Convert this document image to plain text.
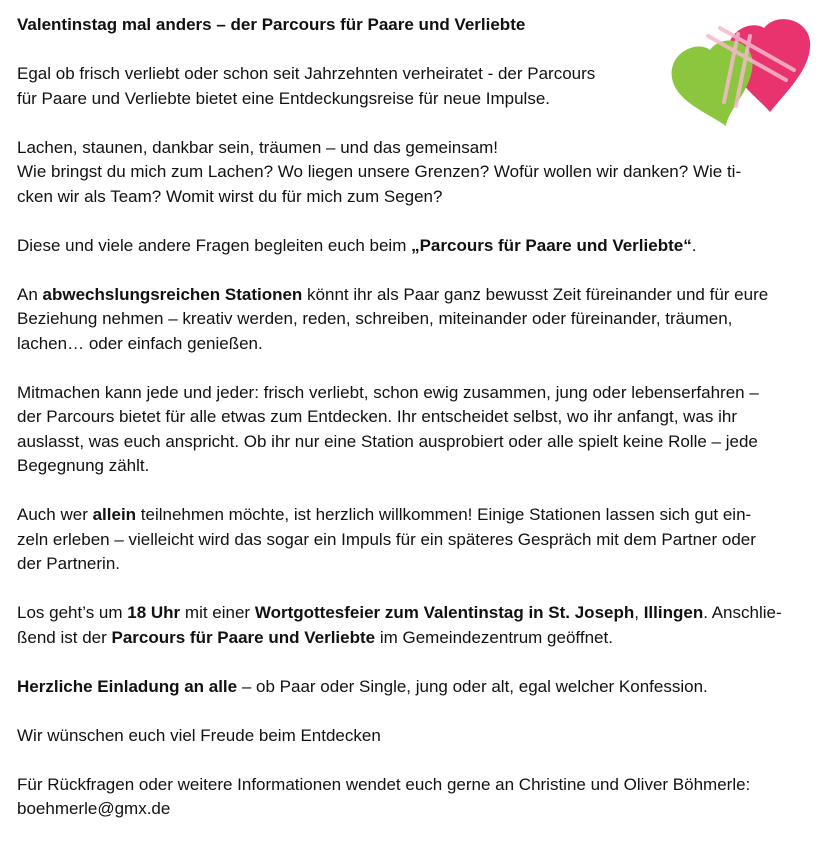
Valentinstag mal anders – der Parcours für Paare und Verliebte
Egal ob frisch verliebt oder schon seit Jahrzehnten verheiratet - der Parcours
für Paare und Verliebte bietet eine Entdeckungsreise für neue Impulse.
Lachen, staunen, dankbar sein, träumen – und das gemeinsam!
Wie bringst du mich zum Lachen? Wo liegen unsere Grenzen? Wofür wollen wir danken? Wie ti-
cken wir als Team? Womit wirst du für mich zum Segen?
Diese und viele andere Fragen begleiten euch beim „Parcours für Paare und Verliebte“.
An abwechslungsreichen Stationen könnt ihr als Paar ganz bewusst Zeit füreinander und für eure
Beziehung nehmen – kreativ werden, reden, schreiben, miteinander oder füreinander, träumen,
lachen… oder einfach genießen.
Mitmachen kann jede und jeder: frisch verliebt, schon ewig zusammen, jung oder lebenserfahren –
der Parcours bietet für alle etwas zum Entdecken. Ihr entscheidet selbst, wo ihr anfangt, was ihr
auslasst, was euch anspricht. Ob ihr nur eine Station ausprobiert oder alle spielt keine Rolle – jede
Begegnung zählt.
Auch wer allein teilnehmen möchte, ist herzlich willkommen! Einige Stationen lassen sich gut ein-
zeln erleben – vielleicht wird das sogar ein Impuls für ein späteres Gespräch mit dem Partner oder
der Partnerin.
Los geht’s um 18 Uhr mit einer Wortgottesfeier zum Valentinstag in St. Joseph, Illingen. Anschlie-
ßend ist der Parcours für Paare und Verliebte im Gemeindezentrum geöffnet.
Herzliche Einladung an alle – ob Paar oder Single, jung oder alt, egal welcher Konfession.
Wir wünschen euch viel Freude beim Entdecken
Für Rückfragen oder weitere Informationen wendet euch gerne an Christine und Oliver Böhmerle:
boehmerle@gmx.de
